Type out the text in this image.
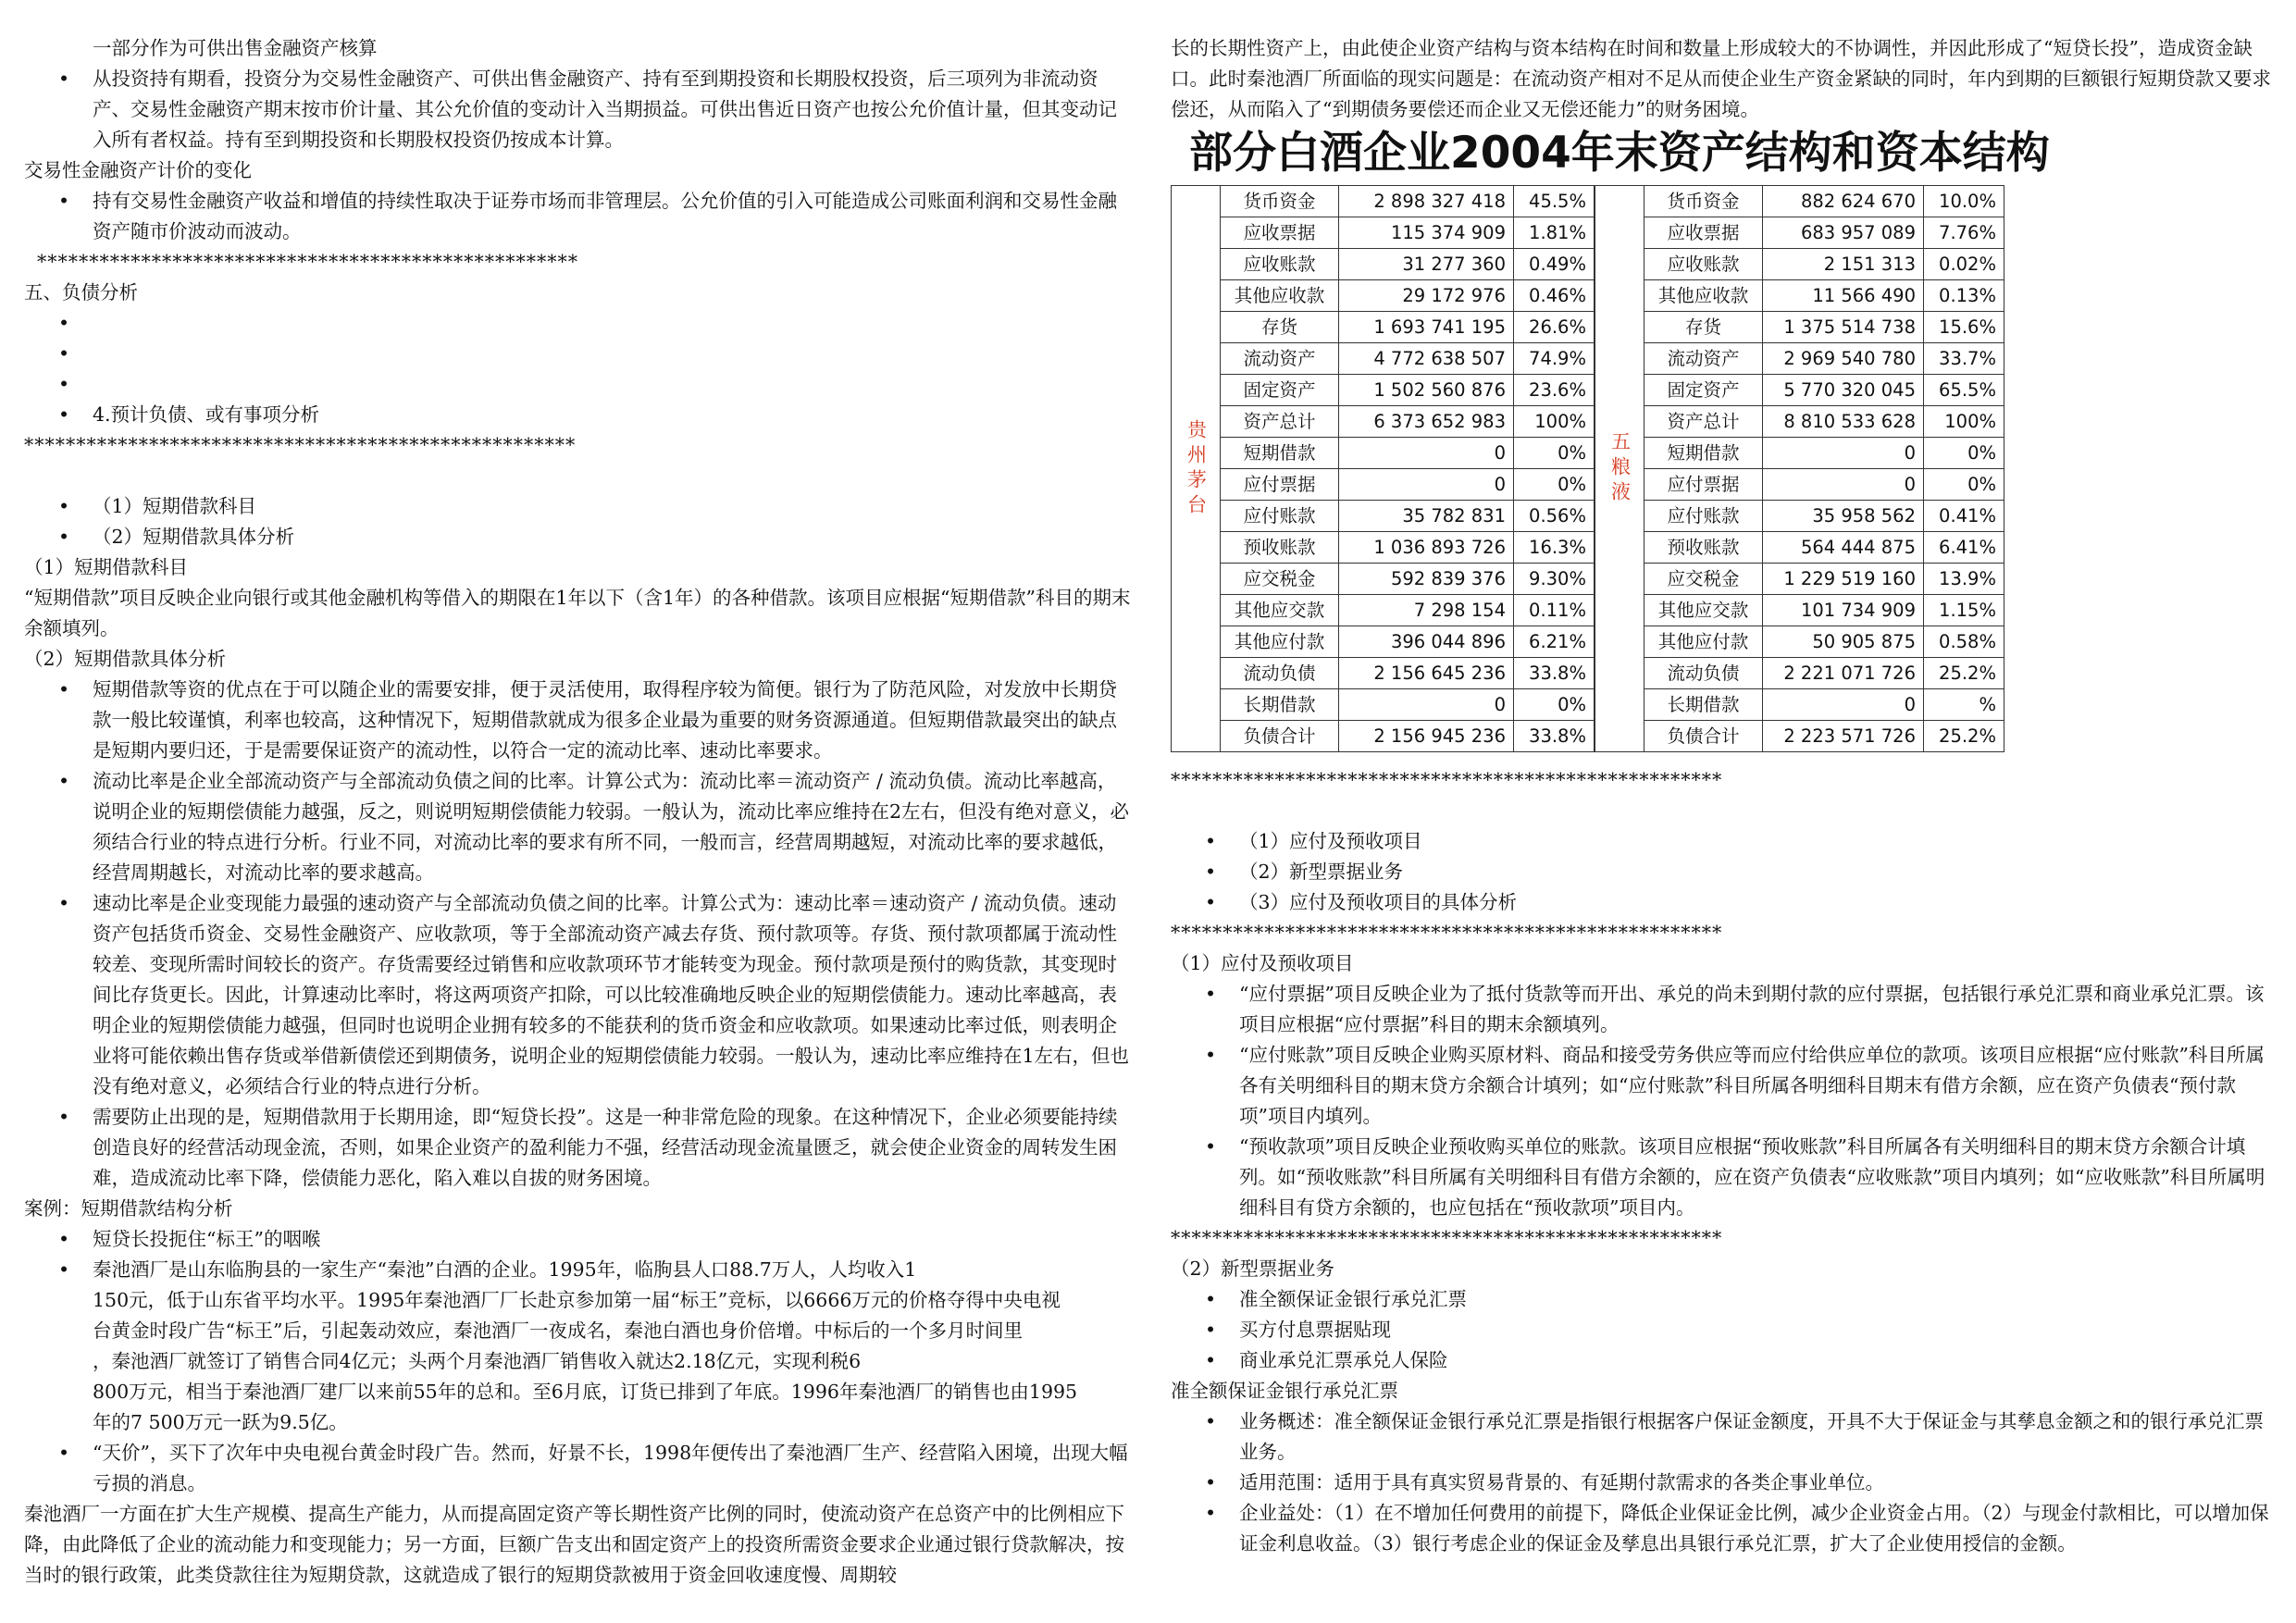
一部分作为可供出售金融资产核算

• 从投资持有期看，投资分为交易性金融资产、可供出售金融资产、持有至到期投资和长期股权投资，后三项列为非流动资产、交易性金融资产期末按市价计量、其公允价值的变动计入当期损益。可供出售近日资产也按公允价值计量，但其变动记入所有者权益。持有至到期投资和长期股权投资仍按成本计算。

交易性金融资产计价的变化

• 持有交易性金融资产收益和增值的持续性取决于证券市场而非管理层。公允价值的引入可能造成公司账面利润和交易性金融资产随市价波动而波动。

****************************************************

五、负债分析

•

•

•

• 4.预计负债、或有事项分析

*****************************************************

• （1）短期借款科目

• （2）短期借款具体分析

（1）短期借款科目

“短期借款”项目反映企业向银行或其他金融机构等借入的期限在1年以下（含1年）的各种借款。该项目应根据“短期借款”科目的期末余额填列。

（2）短期借款具体分析

• 短期借款等资的优点在于可以随企业的需要安排，便于灵活使用，取得程序较为简便。银行为了防范风险，对发放中长期贷款一般比较谨慎，利率也较高，这种情况下，短期借款就成为很多企业最为重要的财务资源通道。但短期借款最突出的缺点是短期内要归还，于是需要保证资产的流动性，以符合一定的流动比率、速动比率要求。

• 流动比率是企业全部流动资产与全部流动负债之间的比率。计算公式为：流动比率＝流动资产 / 流动负债。流动比率越高，说明企业的短期偿债能力越强，反之，则说明短期偿债能力较弱。一般认为，流动比率应维持在2左右，但没有绝对意义，必须结合行业的特点进行分析。行业不同，对流动比率的要求有所不同，一般而言，经营周期越短，对流动比率的要求越低，经营周期越长，对流动比率的要求越高。

• 速动比率是企业变现能力最强的速动资产与全部流动负债之间的比率。计算公式为：速动比率＝速动资产 / 流动负债。速动资产包括货币资金、交易性金融资产、应收款项，等于全部流动资产减去存货、预付款项等。存货、预付款项都属于流动性较差、变现所需时间较长的资产。存货需要经过销售和应收款项环节才能转变为现金。预付款项是预付的购货款，其变现时间比存货更长。因此，计算速动比率时，将这两项资产扣除，可以比较准确地反映企业的短期偿债能力。速动比率越高，表明企业的短期偿债能力越强，但同时也说明企业拥有较多的不能获利的货币资金和应收款项。如果速动比率过低，则表明企业将可能依赖出售存货或举借新债偿还到期债务，说明企业的短期偿债能力较弱。一般认为，速动比率应维持在1左右，但也没有绝对意义，必须结合行业的特点进行分析。

• 需要防止出现的是，短期借款用于长期用途，即“短贷长投”。这是一种非常危险的现象。在这种情况下，企业必须要能持续创造良好的经营活动现金流，否则，如果企业资产的盈利能力不强，经营活动现金流量匮乏，就会使企业资金的周转发生困难，造成流动比率下降，偿债能力恶化，陷入难以自拔的财务困境。

案例：短期借款结构分析

• 短贷长投扼住“标王”的咽喉

• 秦池酒厂是山东临朐县的一家生产“秦池”白酒的企业。1995年，临朐县人口88.7万人，人均收入1
150元，低于山东省平均水平。1995年秦池酒厂厂长赴京参加第一届“标王”竞标，以6666万元的价格夺得中央电视
台黄金时段广告“标王”后，引起轰动效应，秦池酒厂一夜成名，秦池白酒也身价倍增。中标后的一个多月时间里
，秦池酒厂就签订了销售合同4亿元；头两个月秦池酒厂销售收入就达2.18亿元，实现利税6
800万元，相当于秦池酒厂建厂以来前55年的总和。至6月底，订货已排到了年底。1996年秦池酒厂的销售也由1995
年的7 500万元一跃为9.5亿。

• “天价”，买下了次年中央电视台黄金时段广告。然而，好景不长，1998年便传出了秦池酒厂生产、经营陷入困境，出现大幅亏损的消息。

秦池酒厂一方面在扩大生产规模、提高生产能力，从而提高固定资产等长期性资产比例的同时，使流动资产在总资产中的比例相应下降，由此降低了企业的流动能力和变现能力；另一方面，巨额广告支出和固定资产上的投资所需资金要求企业通过银行贷款解决，按当时的银行政策，此类贷款往往为短期贷款，这就造成了银行的短期贷款被用于资金回收速度慢、周期较

长的长期性资产上，由此使企业资产结构与资本结构在时间和数量上形成较大的不协调性，并因此形成了“短贷长投”，造成资金缺口。此时秦池酒厂所面临的现实问题是：在流动资产相对不足从而使企业生产资金紧缺的同时，年内到期的巨额银行短期贷款又要求偿还，从而陷入了“到期债务要偿还而企业又无偿还能力”的财务困境。

部分白酒企业2004年末资产结构和资本结构
贵州茅台
货币资金	2 898 327 418	45.5%
应收票据	115 374 909	1.81%
应收账款	31 277 360	0.49%
其他应收款	29 172 976	0.46%
存货	1 693 741 195	26.6%
流动资产	4 772 638 507	74.9%
固定资产	1 502 560 876	23.6%
资产总计	6 373 652 983	100%
短期借款	0	0%
应付票据	0	0%
应付账款	35 782 831	0.56%
预收账款	1 036 893 726	16.3%
应交税金	592 839 376	9.30%
其他应交款	7 298 154	0.11%
其他应付款	396 044 896	6.21%
流动负债	2 156 645 236	33.8%
长期借款	0	0%
负债合计	2 156 945 236	33.8%
五粮液
货币资金	882 624 670	10.0%
应收票据	683 957 089	7.76%
应收账款	2 151 313	0.02%
其他应收款	11 566 490	0.13%
存货	1 375 514 738	15.6%
流动资产	2 969 540 780	33.7%
固定资产	5 770 320 045	65.5%
资产总计	8 810 533 628	100%
短期借款	0	0%
应付票据	0	0%
应付账款	35 958 562	0.41%
预收账款	564 444 875	6.41%
应交税金	1 229 519 160	13.9%
其他应交款	101 734 909	1.15%
其他应付款	50 905 875	0.58%
流动负债	2 221 071 726	25.2%
长期借款	0	%
负债合计	2 223 571 726	25.2%

*****************************************************

• （1）应付及预收项目

• （2）新型票据业务

• （3）应付及预收项目的具体分析

*****************************************************

（1）应付及预收项目

• “应付票据”项目反映企业为了抵付货款等而开出、承兑的尚未到期付款的应付票据，包括银行承兑汇票和商业承兑汇票。该项目应根据“应付票据”科目的期末余额填列。

• “应付账款”项目反映企业购买原材料、商品和接受劳务供应等而应付给供应单位的款项。该项目应根据“应付账款”科目所属各有关明细科目的期末贷方余额合计填列；如“应付账款”科目所属各明细科目期末有借方余额，应在资产负债表“预付款项”项目内填列。

• “预收款项”项目反映企业预收购买单位的账款。该项目应根据“预收账款”科目所属各有关明细科目的期末贷方余额合计填列。如“预收账款”科目所属有关明细科目有借方余额的，应在资产负债表“应收账款”项目内填列；如“应收账款”科目所属明细科目有贷方余额的，也应包括在“预收款项”项目内。

*****************************************************

（2）新型票据业务

• 准全额保证金银行承兑汇票

• 买方付息票据贴现

• 商业承兑汇票承兑人保险

准全额保证金银行承兑汇票

• 业务概述：准全额保证金银行承兑汇票是指银行根据客户保证金额度，开具不大于保证金与其孳息金额之和的银行承兑汇票业务。

• 适用范围：适用于具有真实贸易背景的、有延期付款需求的各类企事业单位。

• 企业益处：（1）在不增加任何费用的前提下，降低企业保证金比例，减少企业资金占用。（2）与现金付款相比，可以增加保证金利息收益。（3）银行考虑企业的保证金及孳息出具银行承兑汇票，扩大了企业使用授信的金额。
